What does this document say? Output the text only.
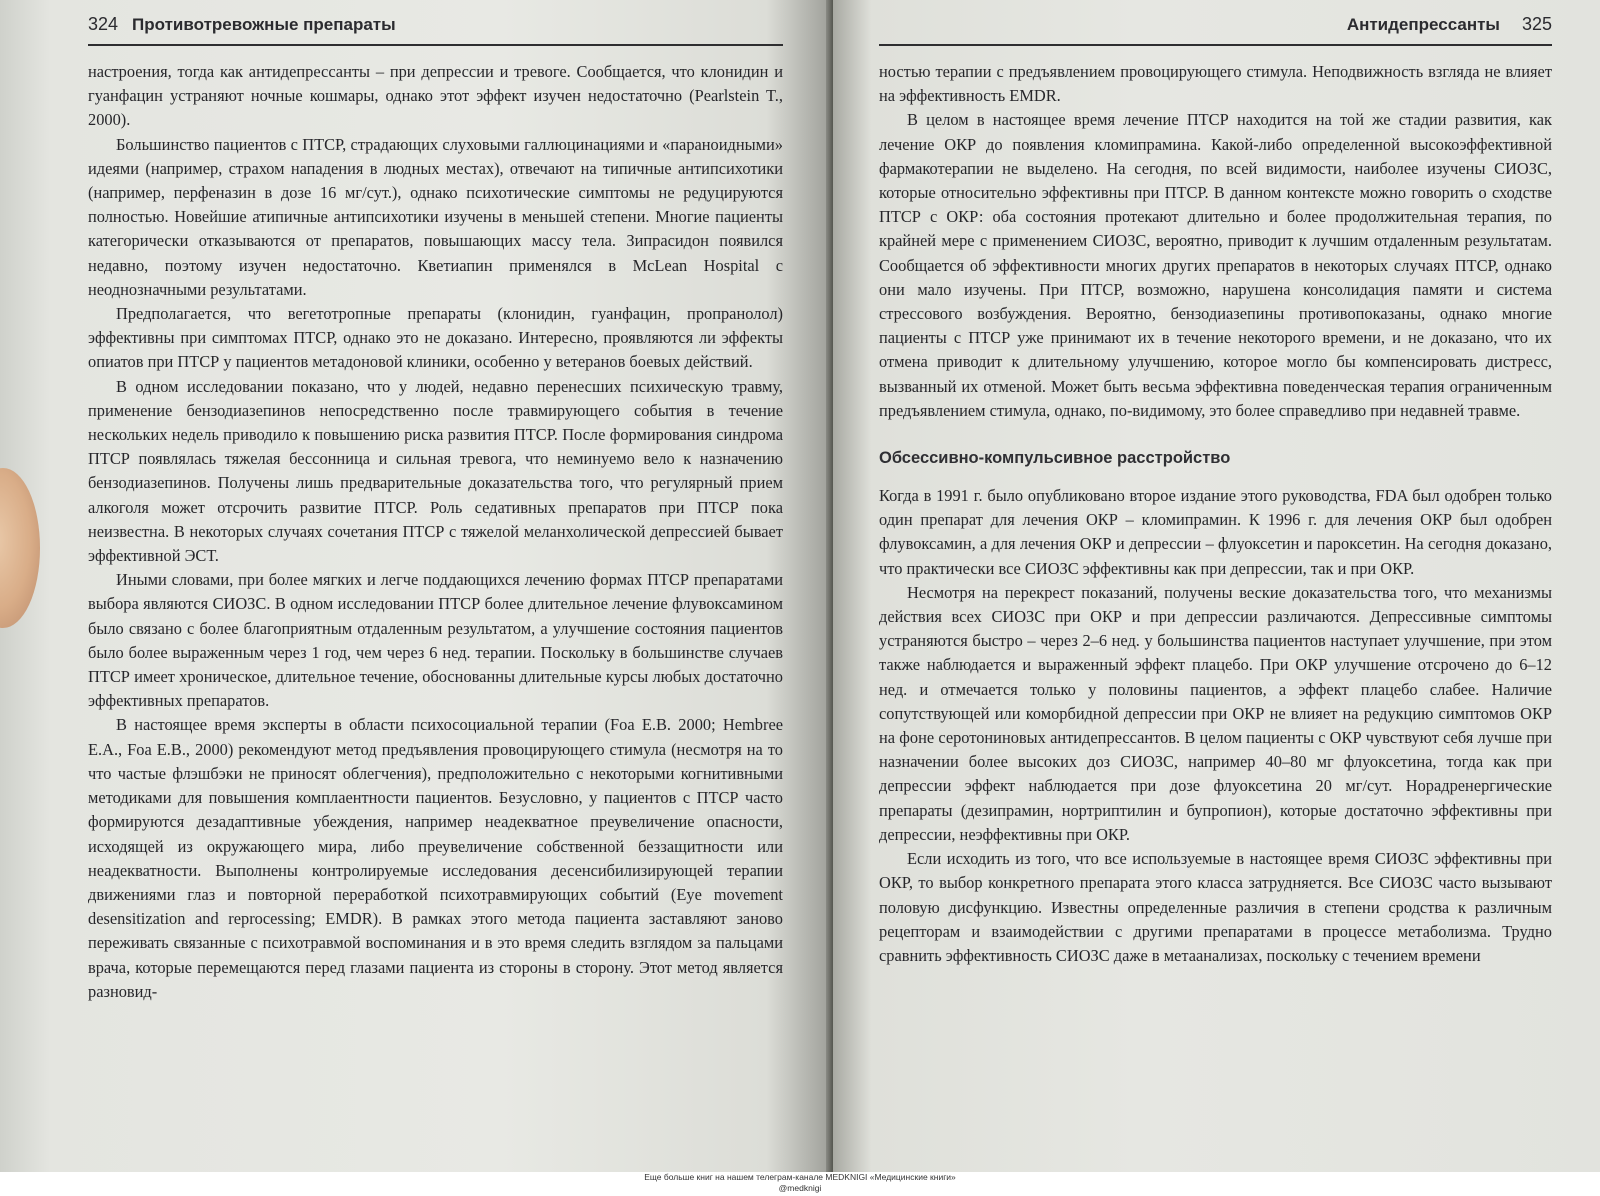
324 Противотревожные препараты

настроения, тогда как антидепрессанты – при депрессии и тревоге. Сообщается, что клонидин и гуанфацин устраняют ночные кошмары, однако этот эффект изучен недостаточно (Pearlstein T., 2000).

Большинство пациентов с ПТСР, страдающих слуховыми галлюцинациями и «параноидными» идеями (например, страхом нападения в людных местах), отвечают на типичные антипсихотики (например, перфеназин в дозе 16 мг/сут.), однако психотические симптомы не редуцируются полностью. Новейшие атипичные антипсихотики изучены в меньшей степени. Многие пациенты категорически отказываются от препаратов, повышающих массу тела. Зипрасидон появился недавно, поэтому изучен недостаточно. Кветиапин применялся в McLean Hospital с неоднозначными результатами.

Предполагается, что вегетотропные препараты (клонидин, гуанфацин, пропранолол) эффективны при симптомах ПТСР, однако это не доказано. Интересно, проявляются ли эффекты опиатов при ПТСР у пациентов метадоновой клиники, особенно у ветеранов боевых действий.

В одном исследовании показано, что у людей, недавно перенесших психическую травму, применение бензодиазепинов непосредственно после травмирующего события в течение нескольких недель приводило к повышению риска развития ПТСР. После формирования синдрома ПТСР появлялась тяжелая бессонница и сильная тревога, что неминуемо вело к назначению бензодиазепинов. Получены лишь предварительные доказательства того, что регулярный прием алкоголя может отсрочить развитие ПТСР. Роль седативных препаратов при ПТСР пока неизвестна. В некоторых случаях сочетания ПТСР с тяжелой меланхолической депрессией бывает эффективной ЭСТ.

Иными словами, при более мягких и легче поддающихся лечению формах ПТСР препаратами выбора являются СИОЗС. В одном исследовании ПТСР более длительное лечение флувоксамином было связано с более благоприятным отдаленным результатом, а улучшение состояния пациентов было более выраженным через 1 год, чем через 6 нед. терапии. Поскольку в большинстве случаев ПТСР имеет хроническое, длительное течение, обоснованны длительные курсы любых достаточно эффективных препаратов.

В настоящее время эксперты в области психосоциальной терапии (Foa E.B. 2000; Hembree E.A., Foa E.B., 2000) рекомендуют метод предъявления провоцирующего стимула (несмотря на то что частые флэшбэки не приносят облегчения), предположительно с некоторыми когнитивными методиками для повышения комплаентности пациентов. Безусловно, у пациентов с ПТСР часто формируются дезадаптивные убеждения, например неадекватное преувеличение опасности, исходящей из окружающего мира, либо преувеличение собственной беззащитности или неадекватности. Выполнены контролируемые исследования десенсибилизирующей терапии движениями глаз и повторной переработкой психотравмирующих событий (Eye movement desensitization and reprocessing; EMDR). В рамках этого метода пациента заставляют заново переживать связанные с психотравмой воспоминания и в это время следить взглядом за пальцами врача, которые перемещаются перед глазами пациента из стороны в сторону. Этот метод является разновид-

Антидепрессанты 325

ностью терапии с предъявлением провоцирующего стимула. Неподвижность взгляда не влияет на эффективность EMDR.

В целом в настоящее время лечение ПТСР находится на той же стадии развития, как лечение ОКР до появления кломипрамина. Какой-либо определенной высокоэффективной фармакотерапии не выделено. На сегодня, по всей видимости, наиболее изучены СИОЗС, которые относительно эффективны при ПТСР. В данном контексте можно говорить о сходстве ПТСР с ОКР: оба состояния протекают длительно и более продолжительная терапия, по крайней мере с применением СИОЗС, вероятно, приводит к лучшим отдаленным результатам. Сообщается об эффективности многих других препаратов в некоторых случаях ПТСР, однако они мало изучены. При ПТСР, возможно, нарушена консолидация памяти и система стрессового возбуждения. Вероятно, бензодиазепины противопоказаны, однако многие пациенты с ПТСР уже принимают их в течение некоторого времени, и не доказано, что их отмена приводит к длительному улучшению, которое могло бы компенсировать дистресс, вызванный их отменой. Может быть весьма эффективна поведенческая терапия ограниченным предъявлением стимула, однако, по-видимому, это более справедливо при недавней травме.

Обсессивно-компульсивное расстройство

Когда в 1991 г. было опубликовано второе издание этого руководства, FDA был одобрен только один препарат для лечения ОКР – кломипрамин. К 1996 г. для лечения ОКР был одобрен флувоксамин, а для лечения ОКР и депрессии – флуоксетин и пароксетин. На сегодня доказано, что практически все СИОЗС эффективны как при депрессии, так и при ОКР.

Несмотря на перекрест показаний, получены веские доказательства того, что механизмы действия всех СИОЗС при ОКР и при депрессии различаются. Депрессивные симптомы устраняются быстро – через 2–6 нед. у большинства пациентов наступает улучшение, при этом также наблюдается и выраженный эффект плацебо. При ОКР улучшение отсрочено до 6–12 нед. и отмечается только у половины пациентов, а эффект плацебо слабее. Наличие сопутствующей или коморбидной депрессии при ОКР не влияет на редукцию симптомов ОКР на фоне серотониновых антидепрессантов. В целом пациенты с ОКР чувствуют себя лучше при назначении более высоких доз СИОЗС, например 40–80 мг флуоксетина, тогда как при депрессии эффект наблюдается при дозе флуоксетина 20 мг/сут. Норадренергические препараты (дезипрамин, нортриптилин и бупропион), которые достаточно эффективны при депрессии, неэффективны при ОКР.

Если исходить из того, что все используемые в настоящее время СИОЗС эффективны при ОКР, то выбор конкретного препарата этого класса затрудняется. Все СИОЗС часто вызывают половую дисфункцию. Известны определенные различия в степени сродства к различным рецепторам и взаимодействии с другими препаратами в процессе метаболизма. Трудно сравнить эффективность СИОЗС даже в метаанализах, поскольку с течением времени

Еще больше книг на нашем телеграм-канале MEDKNIGI «Медицинские книги»
@medknigi
